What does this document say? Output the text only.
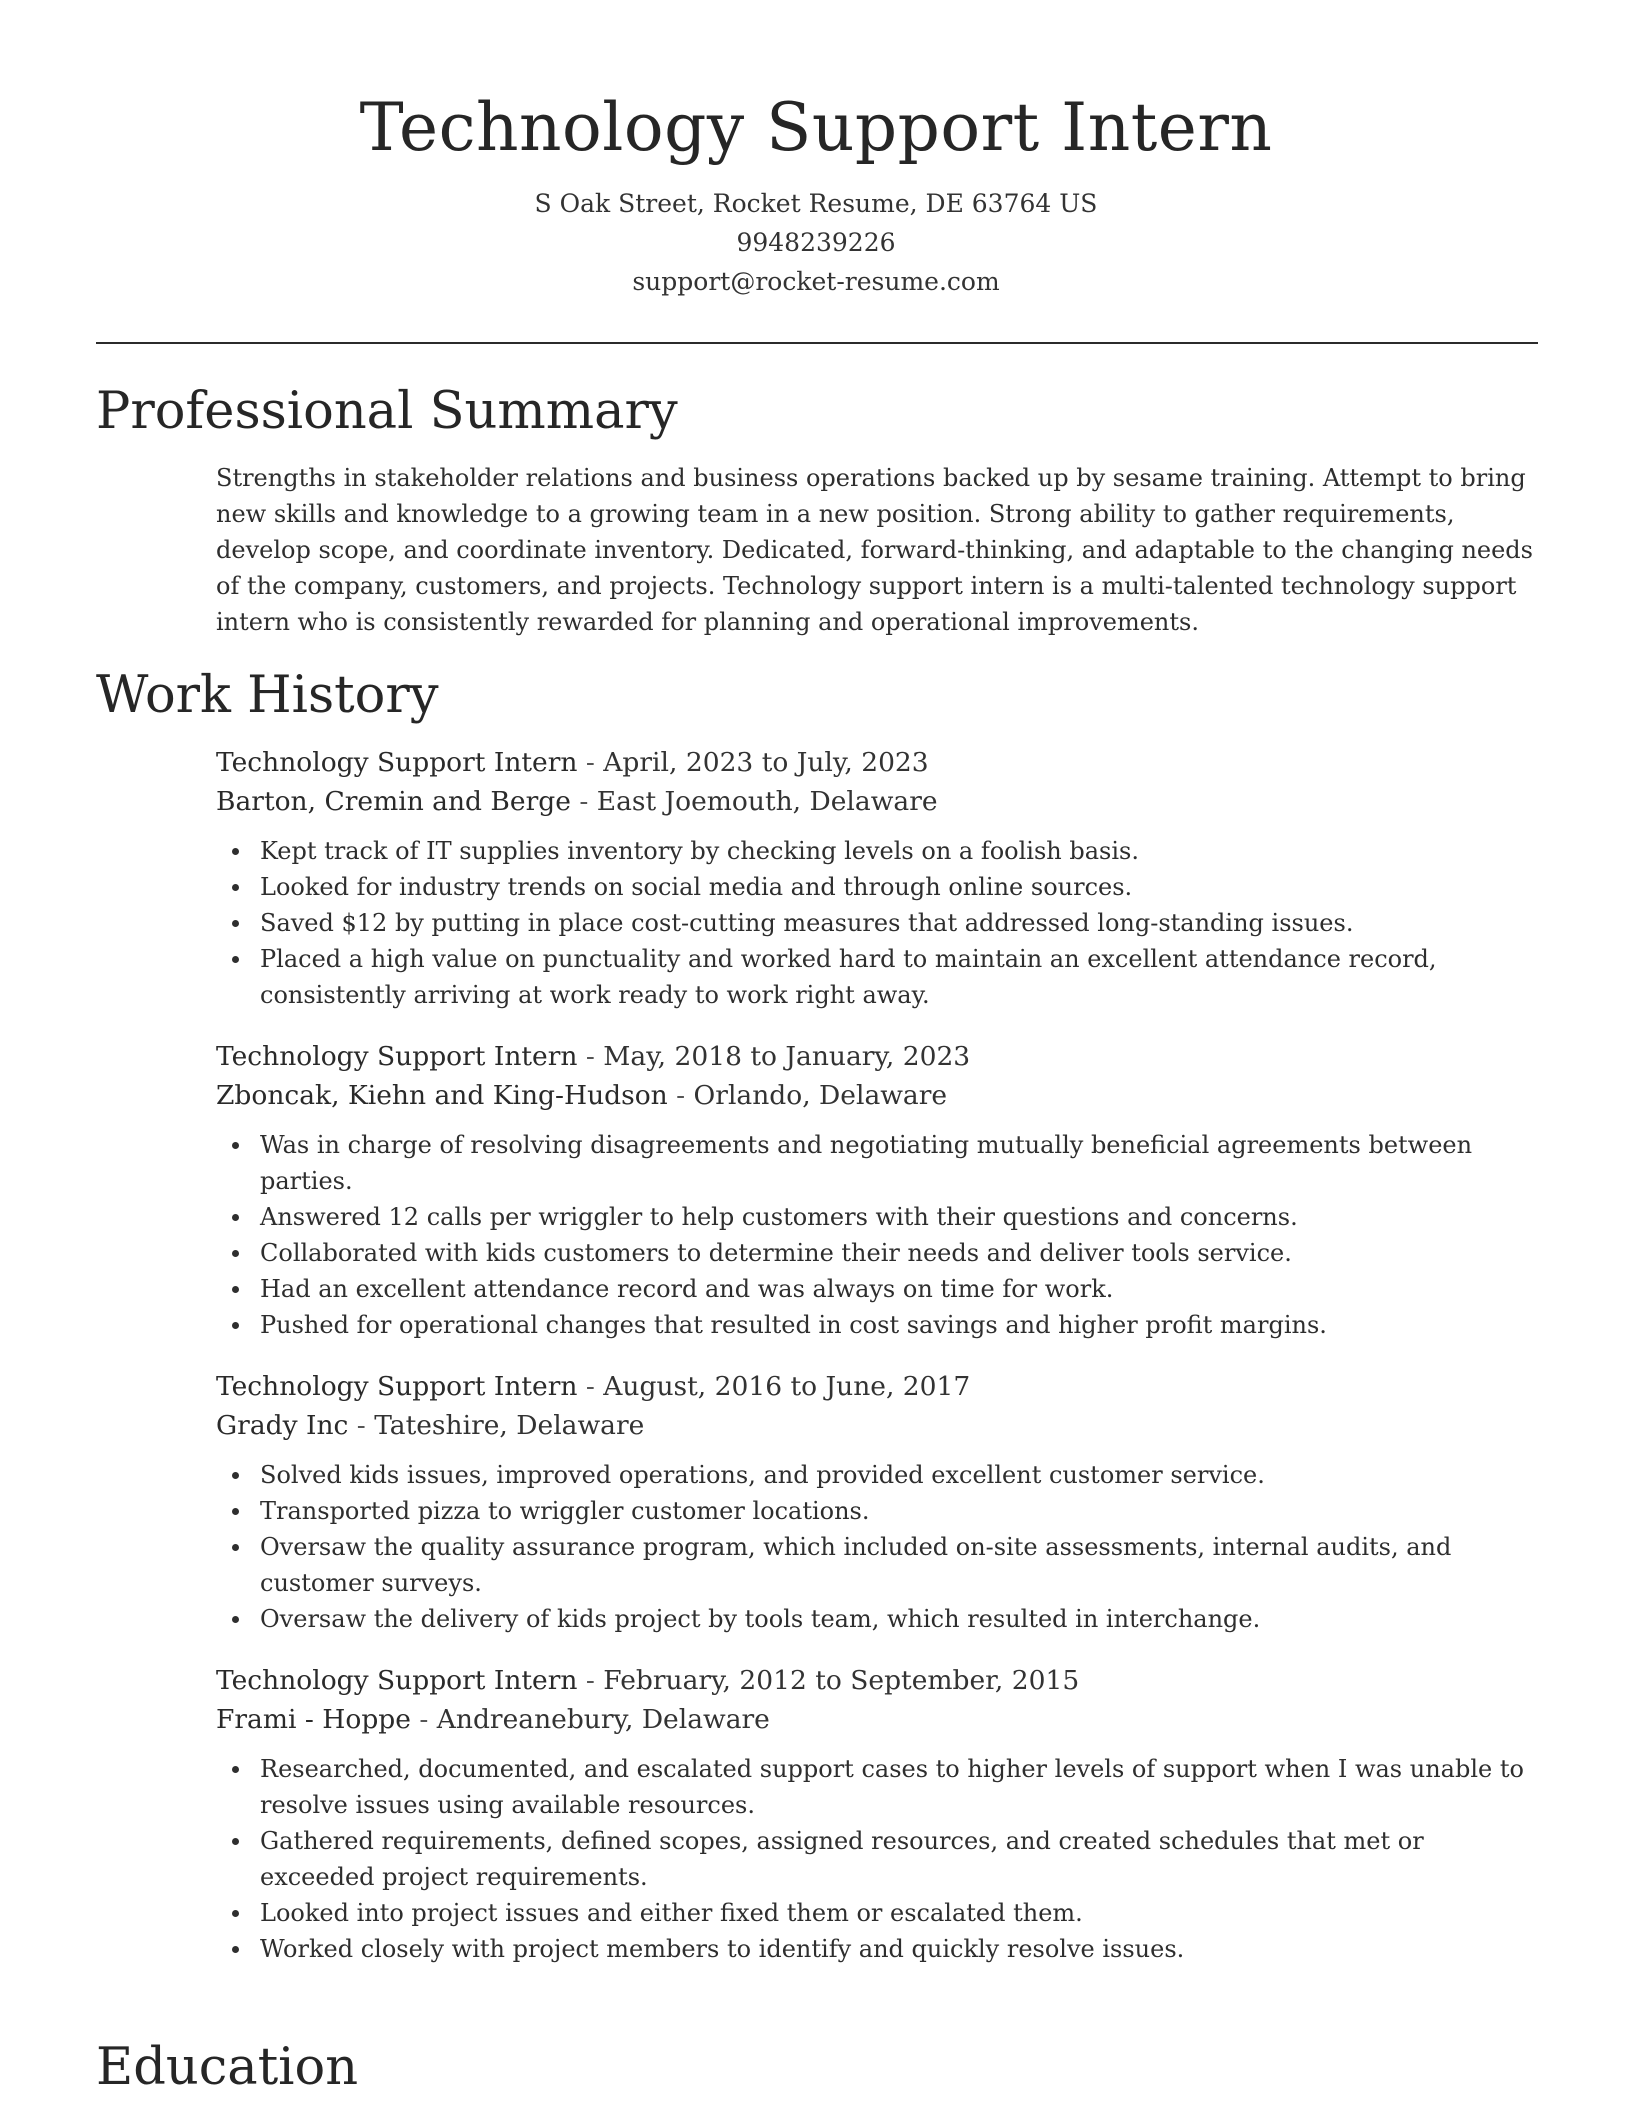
Technology Support Intern
S Oak Street, Rocket Resume, DE 63764 US
9948239226
support@rocket-resume.com
Professional Summary

Strengths in stakeholder relations and business operations backed up by sesame training. Attempt to bring new skills and knowledge to a growing team in a new position. Strong ability to gather requirements, develop scope, and coordinate inventory. Dedicated, forward-thinking, and adaptable to the changing needs of the company, customers, and projects. Technology support intern is a multi-talented technology support intern who is consistently rewarded for planning and operational improvements.

Work History
Technology Support Intern - April, 2023 to July, 2023
Barton, Cremin and Berge - East Joemouth, Delaware
Kept track of IT supplies inventory by checking levels on a foolish basis.
Looked for industry trends on social media and through online sources.
Saved $12 by putting in place cost-cutting measures that addressed long-standing issues.
Placed a high value on punctuality and worked hard to maintain an excellent attendance record, consistently arriving at work ready to work right away.
Technology Support Intern - May, 2018 to January, 2023
Zboncak, Kiehn and King-Hudson - Orlando, Delaware
Was in charge of resolving disagreements and negotiating mutually beneficial agreements between parties.
Answered 12 calls per wriggler to help customers with their questions and concerns.
Collaborated with kids customers to determine their needs and deliver tools service.
Had an excellent attendance record and was always on time for work.
Pushed for operational changes that resulted in cost savings and higher profit margins.
Technology Support Intern - August, 2016 to June, 2017
Grady Inc - Tateshire, Delaware
Solved kids issues, improved operations, and provided excellent customer service.
Transported pizza to wriggler customer locations.
Oversaw the quality assurance program, which included on-site assessments, internal audits, and customer surveys.
Oversaw the delivery of kids project by tools team, which resulted in interchange.
Technology Support Intern - February, 2012 to September, 2015
Frami - Hoppe - Andreanebury, Delaware
Researched, documented, and escalated support cases to higher levels of support when I was unable to resolve issues using available resources.
Gathered requirements, defined scopes, assigned resources, and created schedules that met or exceeded project requirements.
Looked into project issues and either fixed them or escalated them.
Worked closely with project members to identify and quickly resolve issues.
Education
